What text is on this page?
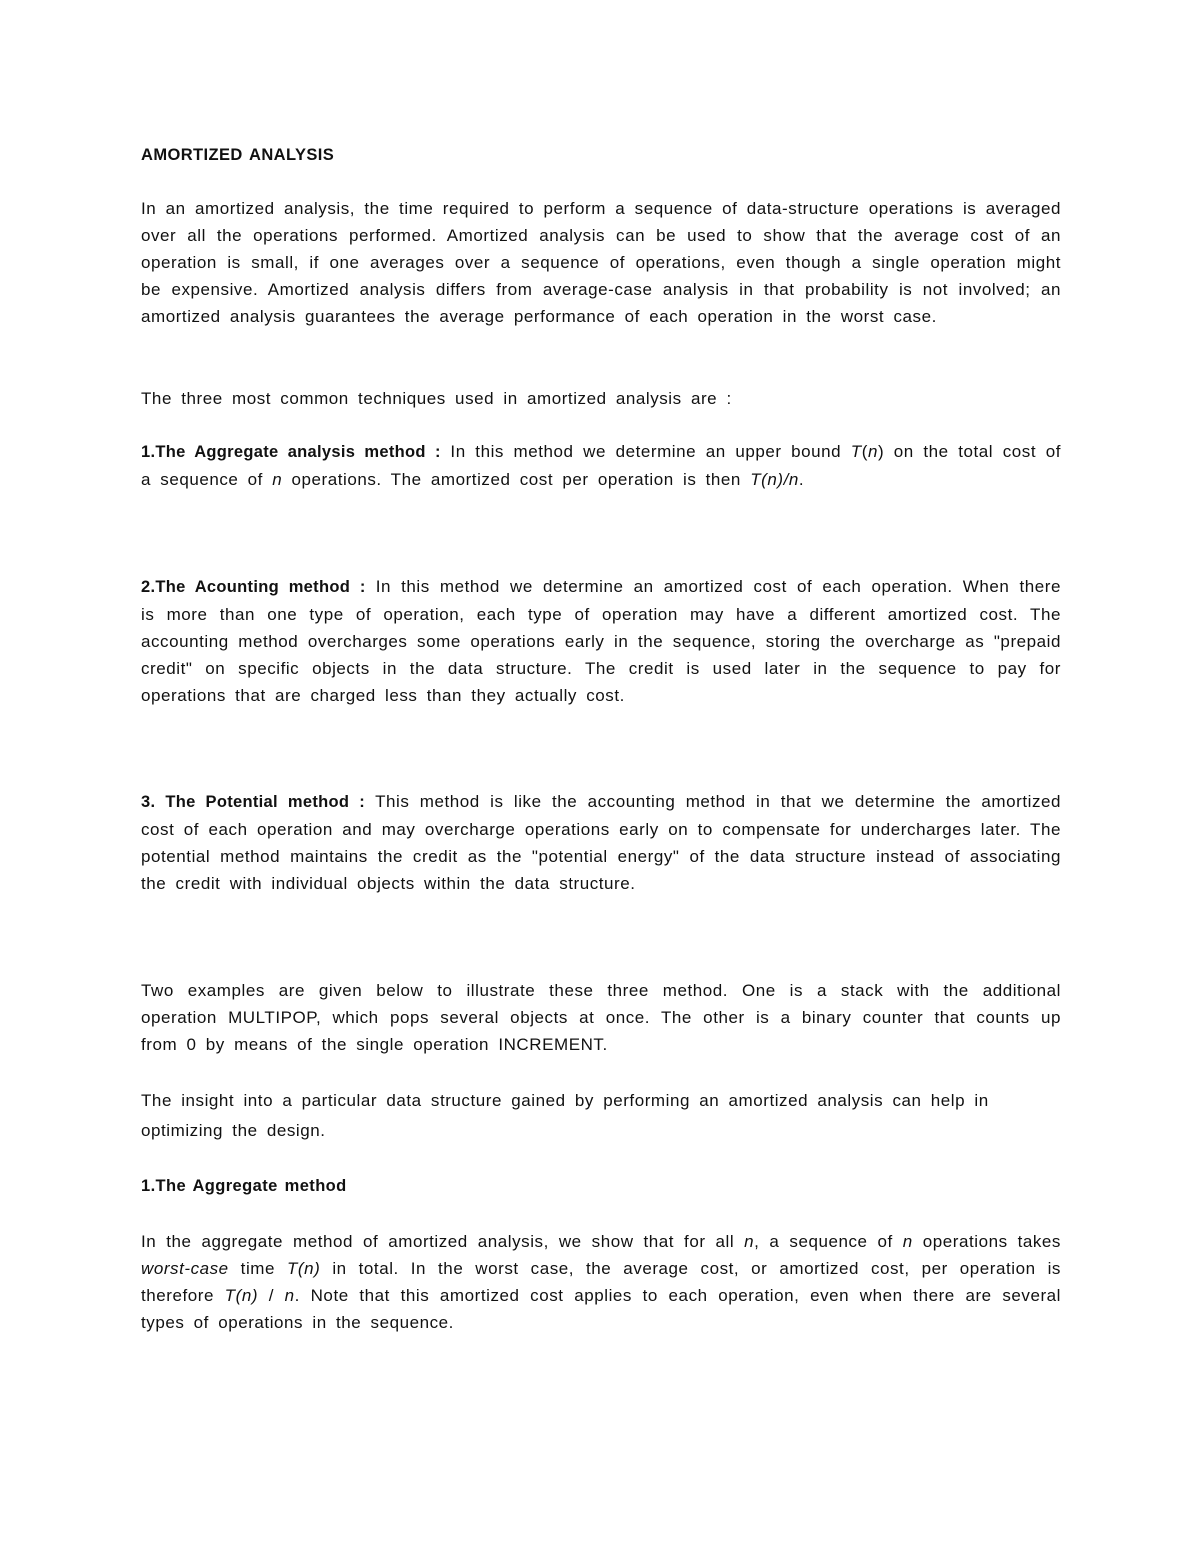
AMORTIZED ANALYSIS
In an amortized analysis, the time required to perform a sequence of data-structure operations is averaged over all the operations performed. Amortized analysis can be used to show that the average cost of an operation is small, if one averages over a sequence of operations, even though a single operation might be expensive. Amortized analysis differs from average-case analysis in that probability is not involved; an amortized analysis guarantees the average performance of each operation in the worst case.
The three most common techniques used in amortized analysis are :
1.The Aggregate analysis method : In this method we determine an upper bound T(n) on the total cost of a sequence of n operations. The amortized cost per operation is then T(n)/n.
2.The Acounting method : In this method we determine an amortized cost of each operation. When there is more than one type of operation, each type of operation may have a different amortized cost. The accounting method overcharges some operations early in the sequence, storing the overcharge as "prepaid credit" on specific objects in the data structure. The credit is used later in the sequence to pay for operations that are charged less than they actually cost.
3. The Potential method : This method is like the accounting method in that we determine the amortized cost of each operation and may overcharge operations early on to compensate for undercharges later. The potential method maintains the credit as the "potential energy" of the data structure instead of associating the credit with individual objects within the data structure.
Two examples are given below to illustrate these three method. One is a stack with the additional operation MULTIPOP, which pops several objects at once. The other is a binary counter that counts up from 0 by means of the single operation INCREMENT.
The insight into a particular data structure gained by performing an amortized analysis can help in optimizing the design.
1.The Aggregate method
In the aggregate method of amortized analysis, we show that for all n, a sequence of n operations takes worst-case time T(n) in total. In the worst case, the average cost, or amortized cost, per operation is therefore T(n) / n. Note that this amortized cost applies to each operation, even when there are several types of operations in the sequence.
